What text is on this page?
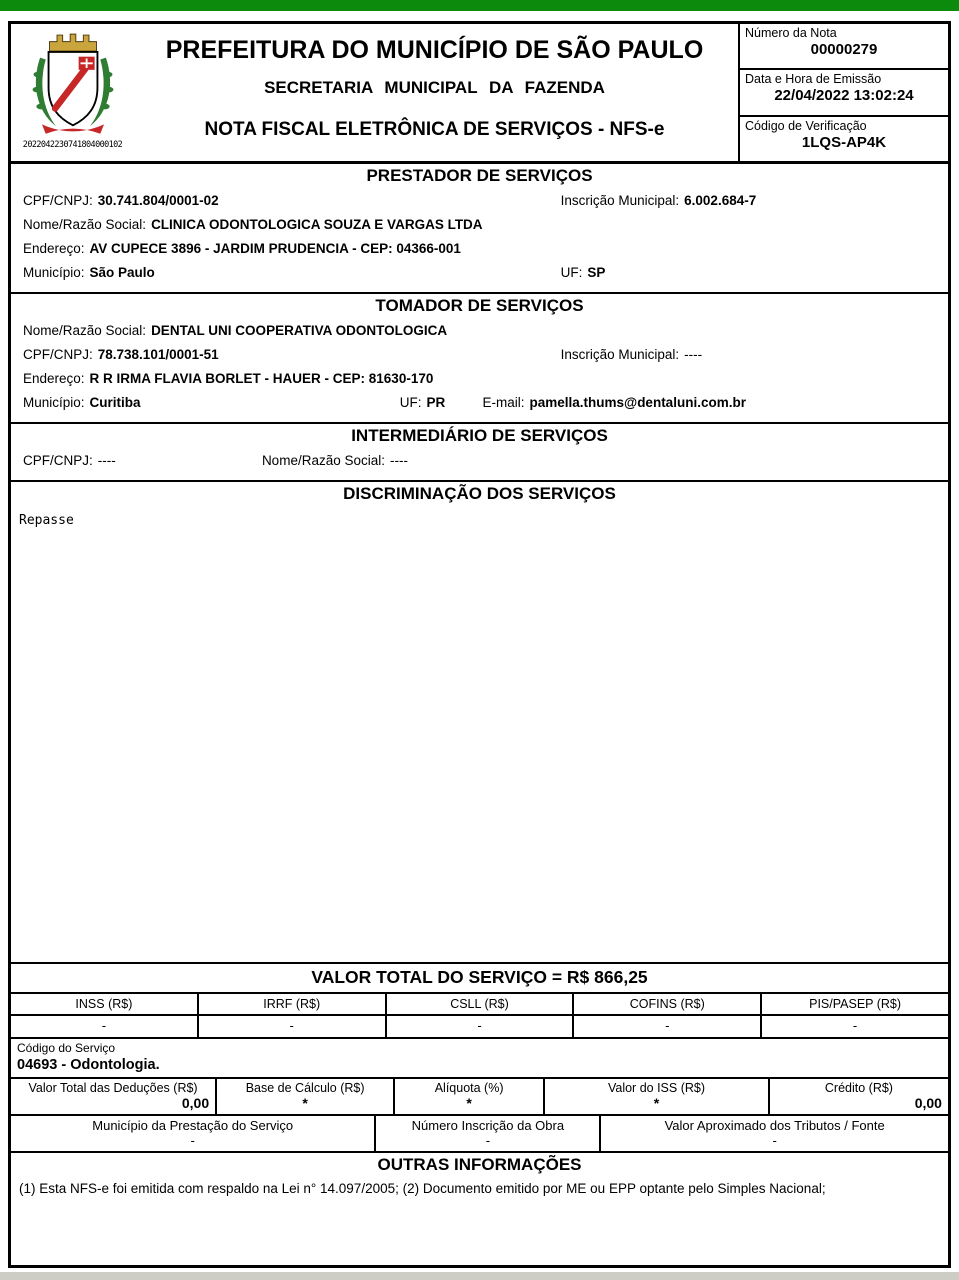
2022042230741804000102
PREFEITURA DO MUNICÍPIO DE SÃO PAULO
SECRETARIA MUNICIPAL DA FAZENDA
NOTA FISCAL ELETRÔNICA DE SERVIÇOS - NFS-e
Número da Nota
00000279
Data e Hora de Emissão
22/04/2022 13:02:24
Código de Verificação
1LQS-AP4K
PRESTADOR DE SERVIÇOS
CPF/CNPJ: 30.741.804/0001-02	Inscrição Municipal: 6.002.684-7
Nome/Razão Social: CLINICA ODONTOLOGICA SOUZA E VARGAS LTDA
Endereço: AV CUPECE 3896 - JARDIM PRUDENCIA - CEP: 04366-001
Município: São Paulo	UF: SP
TOMADOR DE SERVIÇOS
Nome/Razão Social: DENTAL UNI COOPERATIVA ODONTOLOGICA
CPF/CNPJ: 78.738.101/0001-51	Inscrição Municipal: ----
Endereço: R R IRMA FLAVIA BORLET - HAUER - CEP: 81630-170
Município: Curitiba	UF: PR	E-mail: pamella.thums@dentaluni.com.br
INTERMEDIÁRIO DE SERVIÇOS
CPF/CNPJ: ----	Nome/Razão Social: ----
DISCRIMINAÇÃO DOS SERVIÇOS
Repasse
VALOR TOTAL DO SERVIÇO = R$ 866,25
INSS (R$)
-
IRRF (R$)
-
CSLL (R$)
-
COFINS (R$)
-
PIS/PASEP (R$)
-
Código do Serviço
04693 - Odontologia.
Valor Total das Deduções (R$)
0,00
Base de Cálculo (R$)
*
Alíquota (%)
*
Valor do ISS (R$)
*
Crédito (R$)
0,00
Município da Prestação do Serviço
-
Número Inscrição da Obra
-
Valor Aproximado dos Tributos / Fonte
-
OUTRAS INFORMAÇÕES
(1) Esta NFS-e foi emitida com respaldo na Lei n° 14.097/2005; (2) Documento emitido por ME ou EPP optante pelo Simples Nacional;
